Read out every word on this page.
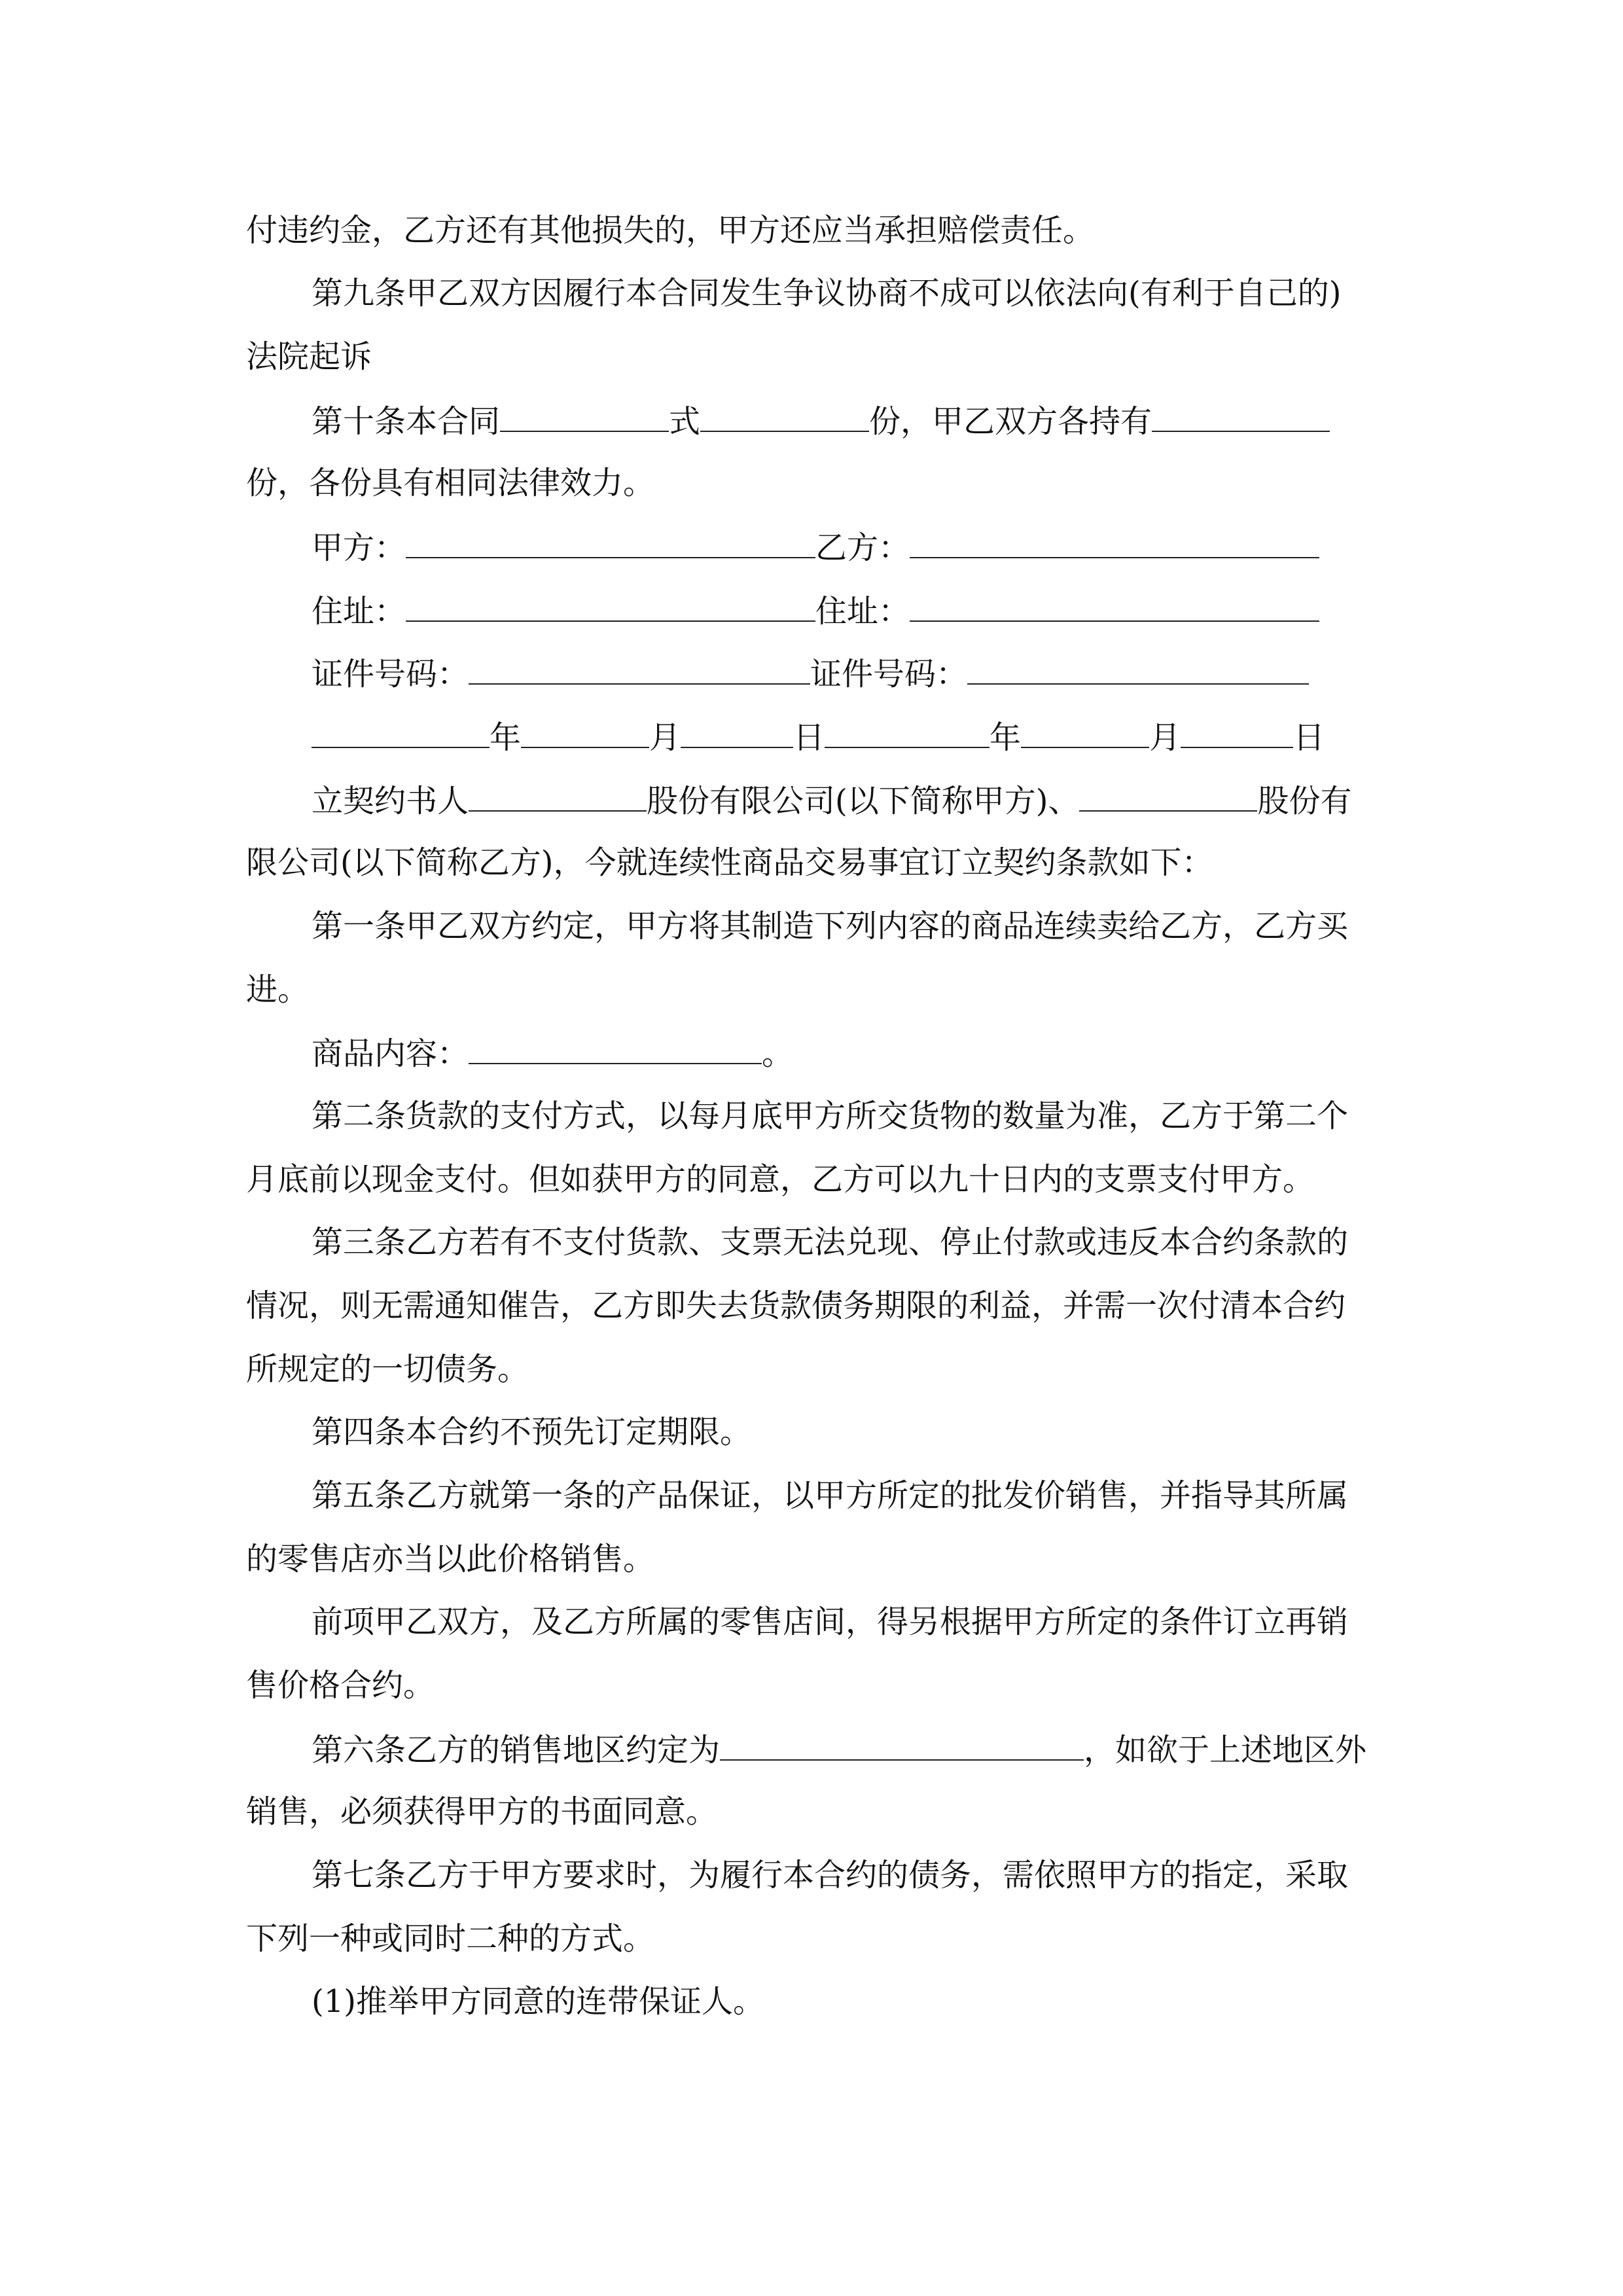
付违约金，乙方还有其他损失的，甲方还应当承担赔偿责任。
第九条甲乙双方因履行本合同发生争议协商不成可以依法向(有利于自己的)
法院起诉
第十条本合同	式	份，甲乙双方各持有
份，各份具有相同法律效力。
甲方：	乙方：
住址：	住址：
证件号码：	证件号码：
年	月	日	年	月	日
立契约书人	股份有限公司(以下简称甲方)、	股份有
限公司(以下简称乙方)，今就连续性商品交易事宜订立契约条款如下：
第一条甲乙双方约定，甲方将其制造下列内容的商品连续卖给乙方，乙方买
进。
商品内容：	。
第二条货款的支付方式，以每月底甲方所交货物的数量为准，乙方于第二个
月底前以现金支付。但如获甲方的同意，乙方可以九十日内的支票支付甲方。
第三条乙方若有不支付货款、支票无法兑现、停止付款或违反本合约条款的
情况，则无需通知催告，乙方即失去货款债务期限的利益，并需一次付清本合约
所规定的一切债务。
第四条本合约不预先订定期限。
第五条乙方就第一条的产品保证，以甲方所定的批发价销售，并指导其所属
的零售店亦当以此价格销售。
前项甲乙双方，及乙方所属的零售店间，得另根据甲方所定的条件订立再销
售价格合约。
第六条乙方的销售地区约定为	，如欲于上述地区外
销售，必须获得甲方的书面同意。
第七条乙方于甲方要求时，为履行本合约的债务，需依照甲方的指定，采取
下列一种或同时二种的方式。
(1)推举甲方同意的连带保证人。
